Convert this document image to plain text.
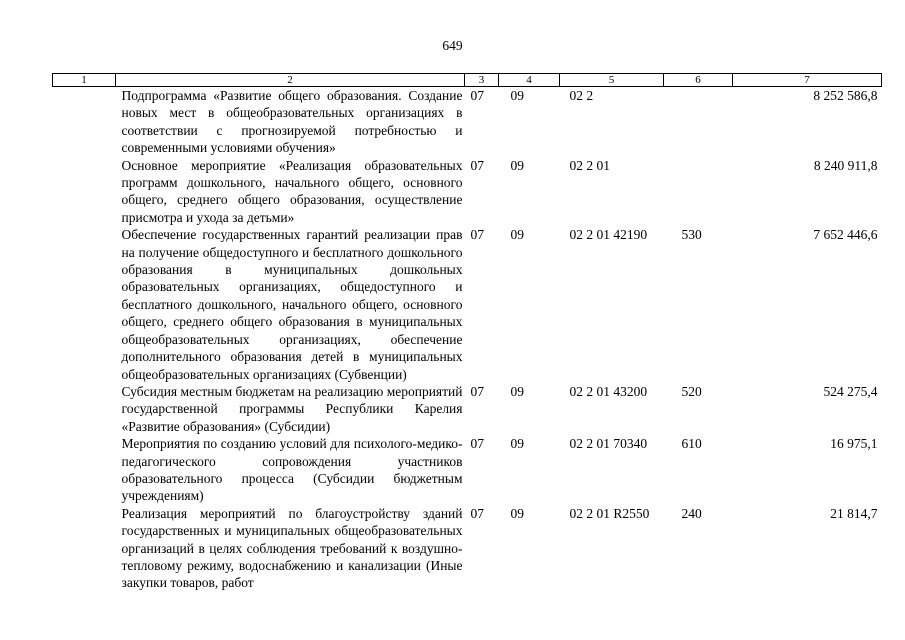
649
1	2	3	4	5	6	7
	Подпрограмма «Развитие общего образования. Создание новых мест в общеобразовательных организациях в соответствии с прогнозируемой потребностью и современными условиями обучения»	07	09	02 2		8 252 586,8
	Основное мероприятие «Реализация образовательных программ дошкольного, начального общего, основного общего, среднего общего образования, осуществление присмотра и ухода за детьми»	07	09	02 2 01		8 240 911,8
	Обеспечение государственных гарантий реализации прав на получение общедоступного и бесплатного дошкольного образования в муниципальных дошкольных образовательных организациях, общедоступного и бесплатного дошкольного, начального общего, основного общего, среднего общего образования в муниципальных общеобразовательных организациях, обеспечение дополнительного образования детей в муниципальных общеобразовательных организациях (Субвенции)	07	09	02 2 01 42190	530	7 652 446,6
	Субсидия местным бюджетам на реализацию мероприятий государственной программы Республики Карелия «Развитие образования» (Субсидии)	07	09	02 2 01 43200	520	524 275,4
	Мероприятия по созданию условий для психолого-медико-педагогического сопровождения участников образовательного процесса (Субсидии бюджетным учреждениям)	07	09	02 2 01 70340	610	16 975,1
	Реализация мероприятий по благоустройству зданий государственных и муниципальных общеобразовательных организаций в целях соблюдения требований к воздушно-тепловому режиму, водоснабжению и канализации (Иные закупки товаров, работ	07	09	02 2 01 R2550	240	21 814,7
